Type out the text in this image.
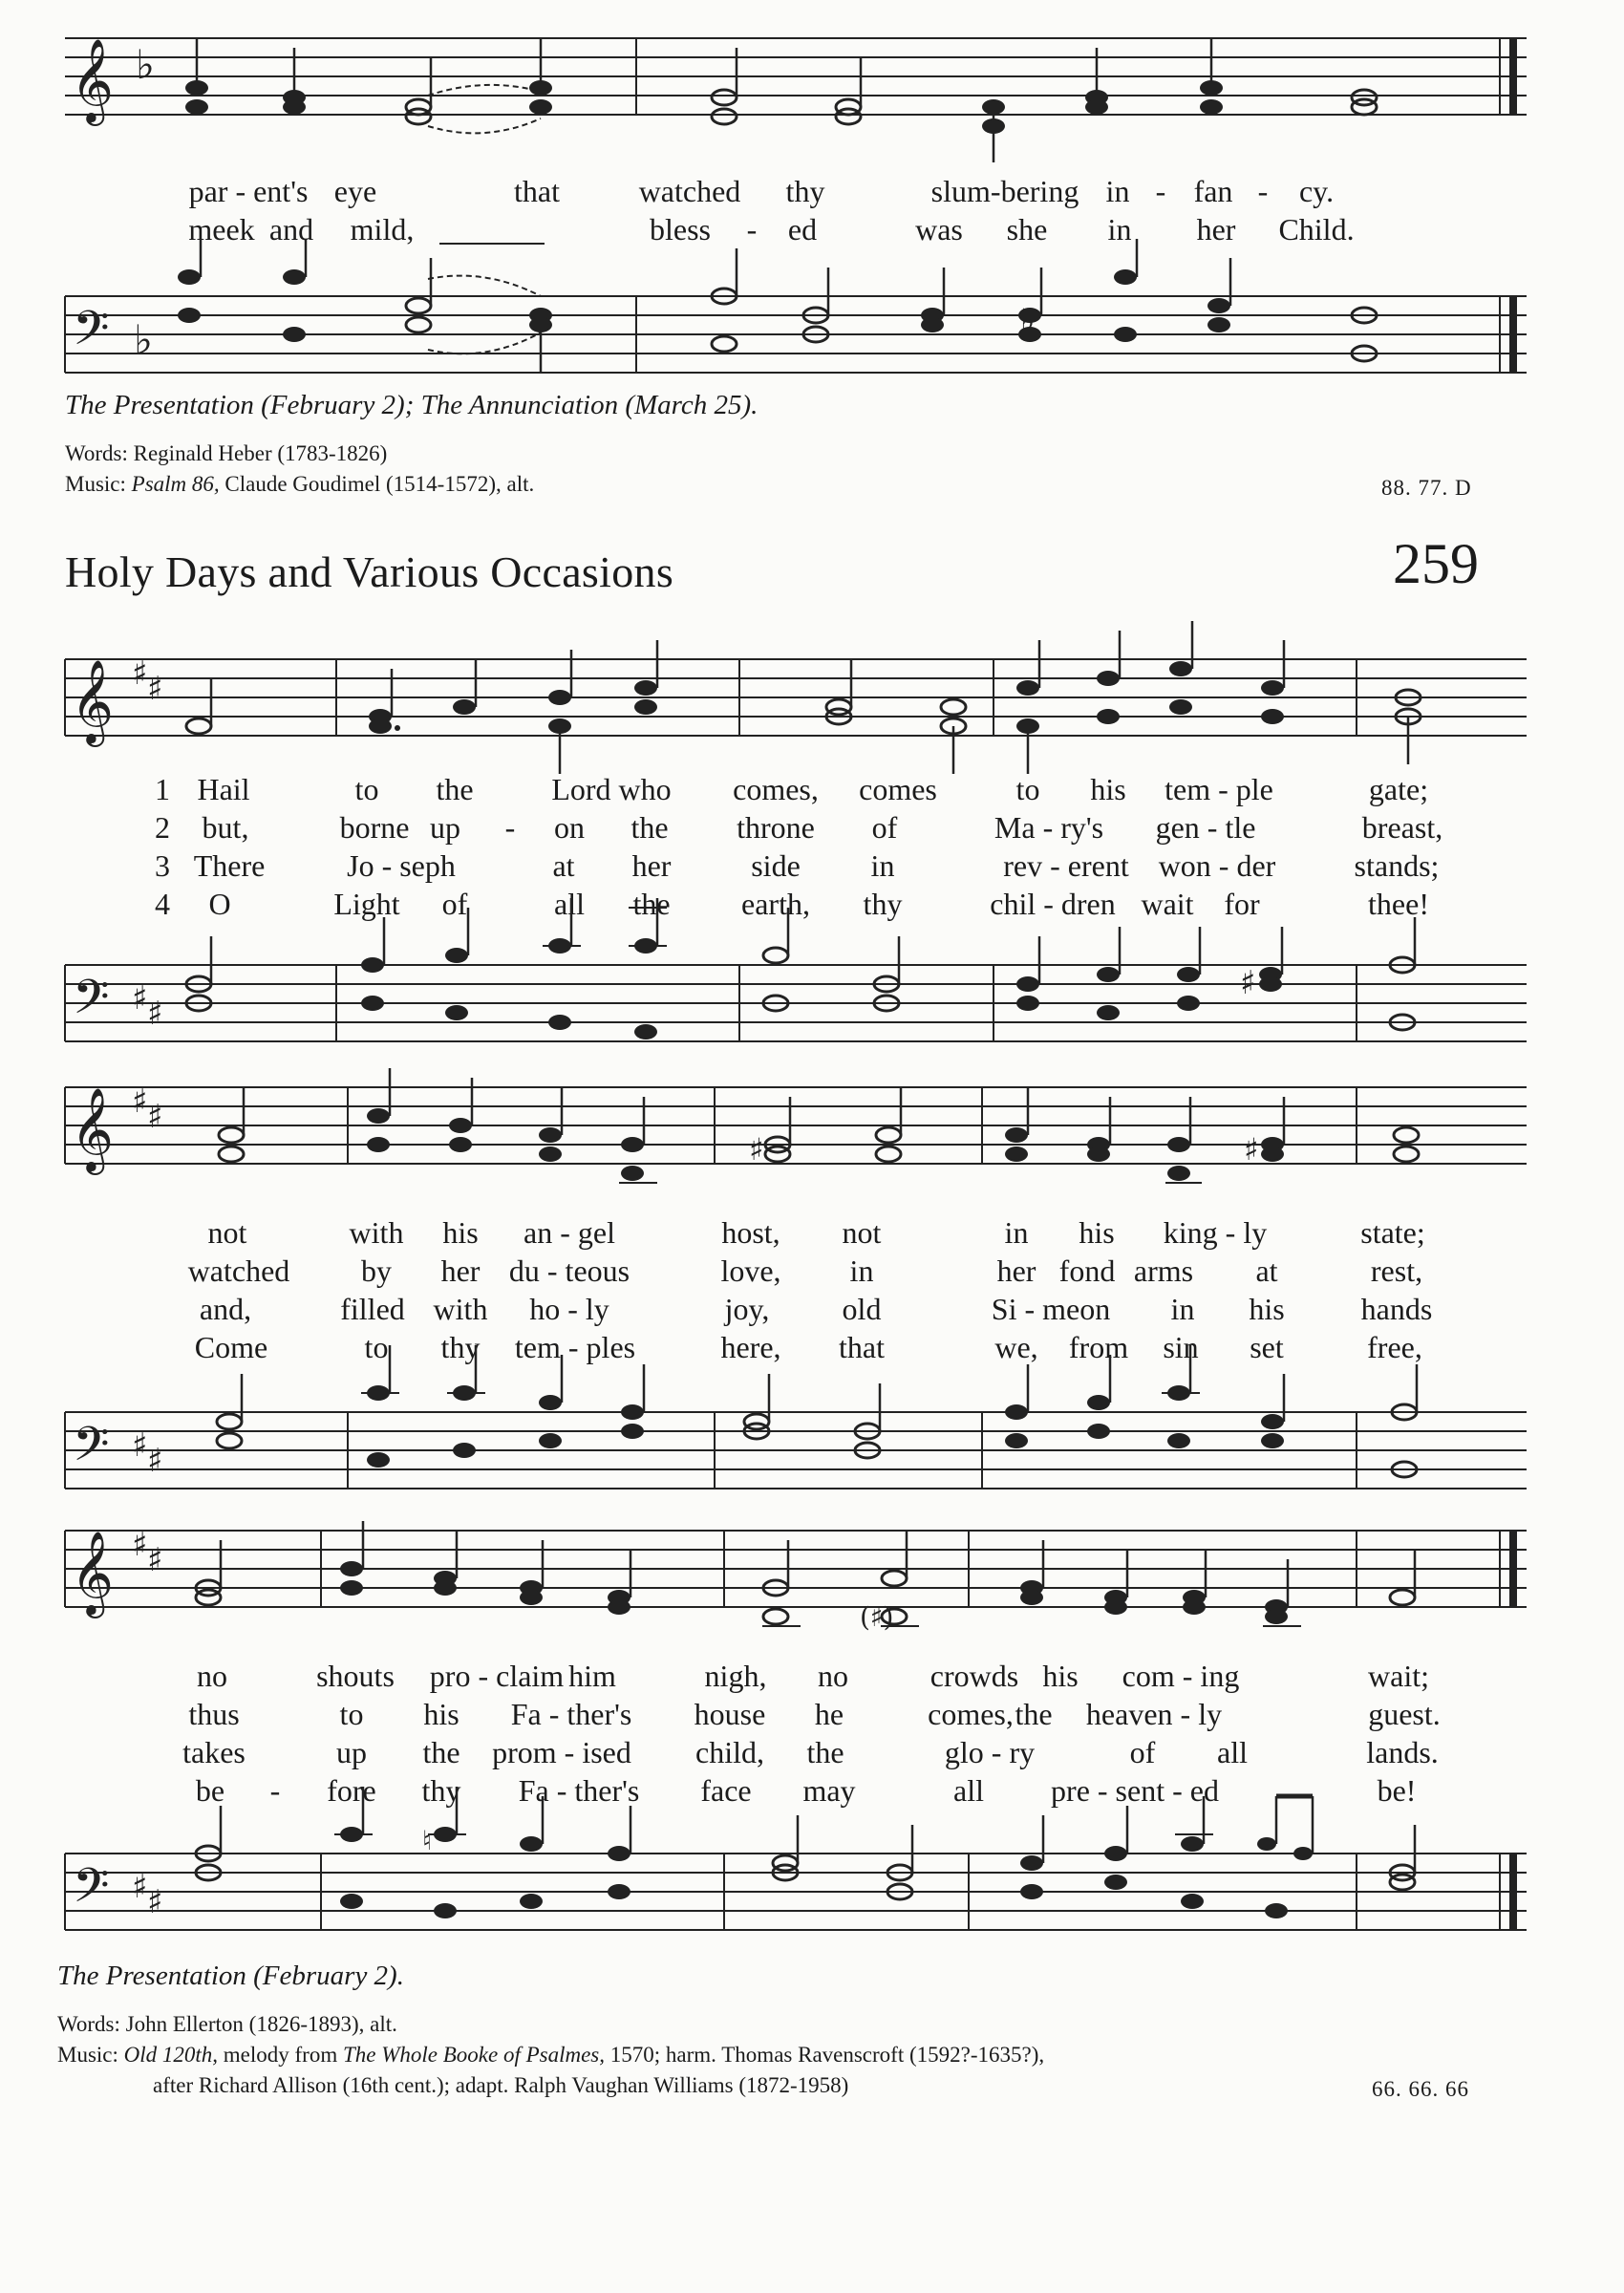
𝄞 ♭
par - ent's eye	that	watched thy	slum-bering in - fan - cy.
meek and mild,	bless - ed	was she in her Child.
𝄢 ♭	♭
The Presentation (February 2); The Annunciation (March 25).
Words: Reginald Heber (1783-1826)
Music: Psalm 86, Claude Goudimel (1514-1572), alt.	88. 77. D
Holy Days and Various Occasions	259
𝄞 ♯ ♯
1 Hail	to the	Lord who comes, comes	to his tem - ple	gate;
2 but,	borne up - on the throne of	Ma - ry's gen - tle	breast,
3 There	Jo - seph	at her	side in	rev - erent won - der	stands;
4 O	Light of	all the earth, thy	chil - dren wait for	thee!
𝄢 ♯ ♯
♯
𝄞 ♯ ♯
♯	♯
not	with his an - gel	host, not	in his king - ly	state;
watched by her du - teous	love, in	her fond arms at	rest,
and,	filled with ho - ly	joy, old	Si - meon in his	hands
Come	to thy tem - ples	here, that	we, from sin set	free,
𝄢 ♯ ♯
𝄞 ♯ ♯
(♯)
no	shouts pro - claim him	nigh, no	crowds his com - ing	wait;
thus	to his Fa - ther's house he	comes, the heaven - ly	guest.
takes	up the prom - ised child, the	glo - ry	of all	lands.
be - fore thy Fa - ther's face may	all pre - sent - ed	be!
𝄢 ♯ ♯
♮
The Presentation (February 2).
Words: John Ellerton (1826-1893), alt.
Music: Old 120th, melody from The Whole Booke of Psalmes, 1570; harm. Thomas Ravenscroft (1592?-1635?),
after Richard Allison (16th cent.); adapt. Ralph Vaughan Williams (1872-1958)	66. 66. 66
